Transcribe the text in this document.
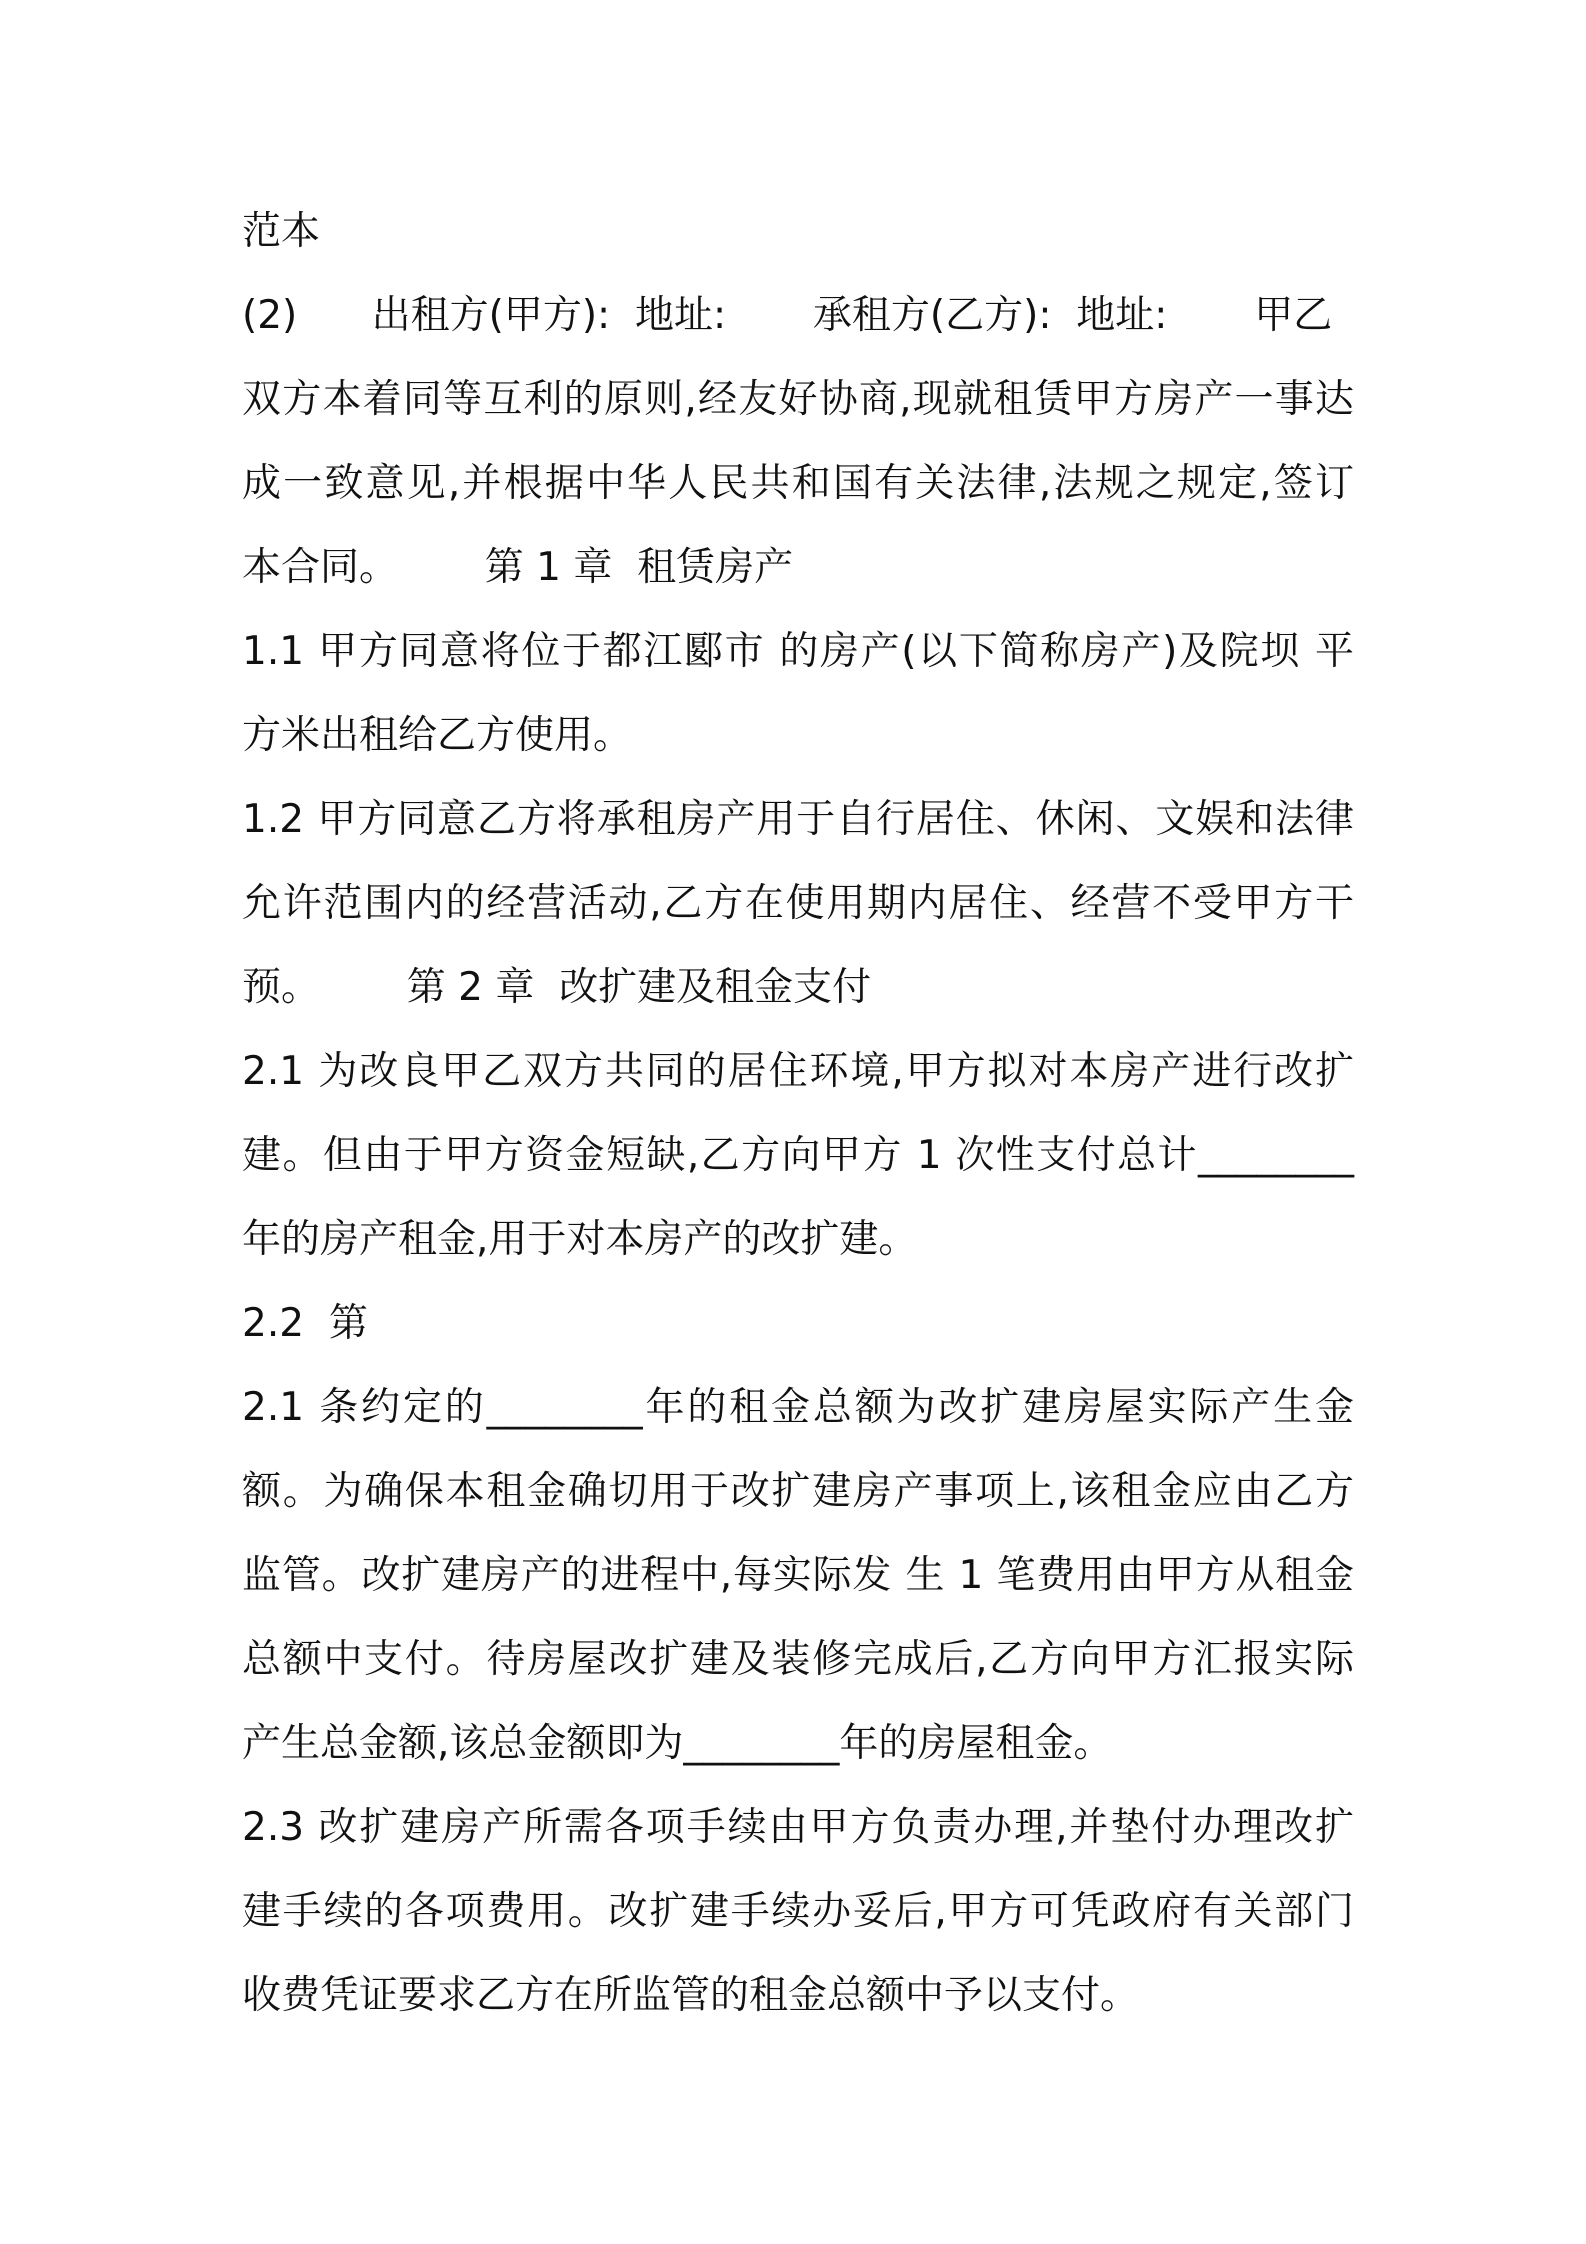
范本
(2)      出租方(甲方):  地址:       承租方(乙方):  地址:       甲乙
双方本着同等互利的原则,经友好协商,现就租赁甲方房产一事达
成一致意见,并根据中华人民共和国有关法律,法规之规定,签订
本合同。       第 1 章  租赁房产
1.1 甲方同意将位于都江郾市 的房产(以下简称房产)及院坝 平
方米出租给乙方使用。
1.2 甲方同意乙方将承租房产用于自行居住、休闲、文娱和法律
允许范围内的经营活动,乙方在使用期内居住、经营不受甲方干
预。       第 2 章  改扩建及租金支付
2.1 为改良甲乙双方共同的居住环境,甲方拟对本房产进行改扩
建。但由于甲方资金短缺,乙方向甲方 1 次性支付总计________
年的房产租金,用于对本房产的改扩建。
2.2  第
2.1 条约定的________年的租金总额为改扩建房屋实际产生金
额。为确保本租金确切用于改扩建房产事项上,该租金应由乙方
监管。改扩建房产的进程中,每实际发 生 1 笔费用由甲方从租金
总额中支付。待房屋改扩建及装修完成后,乙方向甲方汇报实际
产生总金额,该总金额即为________年的房屋租金。
2.3 改扩建房产所需各项手续由甲方负责办理,并垫付办理改扩
建手续的各项费用。改扩建手续办妥后,甲方可凭政府有关部门
收费凭证要求乙方在所监管的租金总额中予以支付。
